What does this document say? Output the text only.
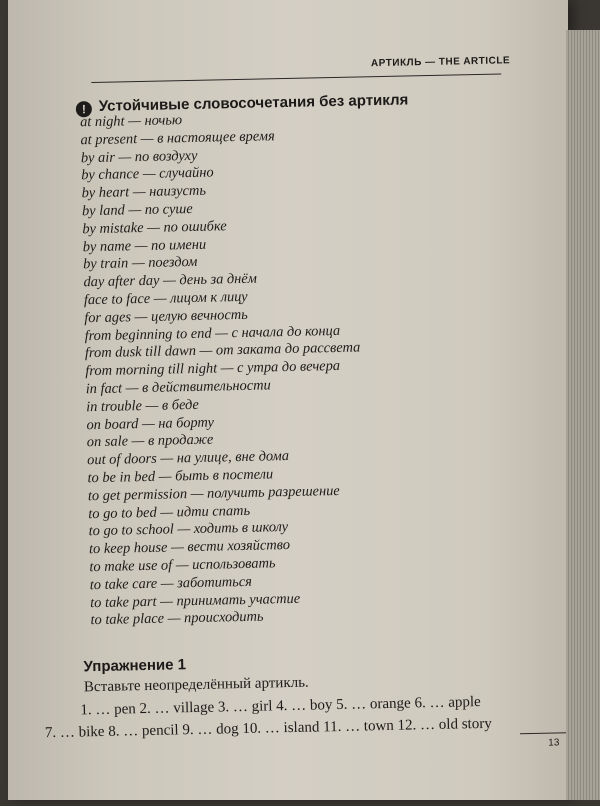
АРТИКЛЬ — THE ARTICLE
! Устойчивые словосочетания без артикля
at night — ночью
at present — в настоящее время
by air — по воздуху
by chance — случайно
by heart — наизусть
by land — по суше
by mistake — по ошибке
by name — по имени
by train — поездом
day after day — день за днём
face to face — лицом к лицу
for ages — целую вечность
from beginning to end — с начала до конца
from dusk till dawn — от заката до рассвета
from morning till night — с утра до вечера
in fact — в действительности
in trouble — в беде
on board — на борту
on sale — в продаже
out of doors — на улице, вне дома
to be in bed — быть в постели
to get permission — получить разрешение
to go to bed — идти спать
to go to school — ходить в школу
to keep house — вести хозяйство
to make use of — использовать
to take care — заботиться
to take part — принимать участие
to take place — происходить
Упражнение 1
Вставьте неопределённый артикль.
1. … pen 2. … village 3. … girl 4. … boy 5. … orange 6. … apple
7. … bike 8. … pencil 9. … dog 10. … island 11. … town 12. … old story
13
